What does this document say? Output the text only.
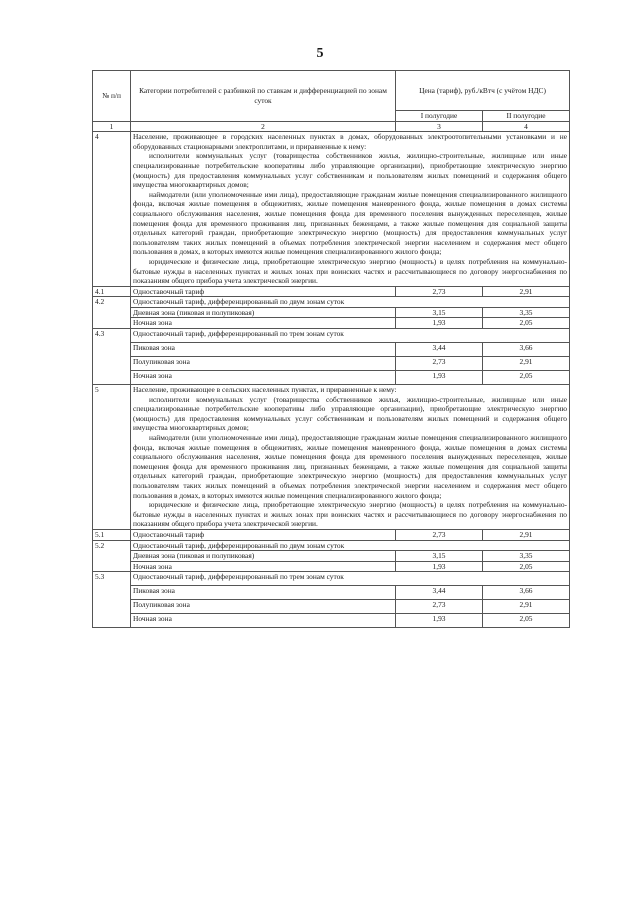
5
№ п/п	Категории потребителей с разбивкой по ставкам и дифференциацией по зонам суток	Цена (тариф), руб./кВтч (с учётом НДС)	
		I полугодие	II полугодие
1	2	3	4
4	Население, проживающее в городских населенных пунктах в домах, оборудованных электроотопительными установками и не оборудованных стационарными электроплитами, и приравненные к нему:

исполнители коммунальных услуг (товарищества собственников жилья, жилищно-строительные, жилищные или иные специализированные потребительские кооперативы либо управляющие организации), приобретающие электрическую энергию (мощность) для предоставления коммунальных услуг собственникам и пользователям жилых помещений и содержания общего имущества многоквартирных домов;

наймодатели (или уполномоченные ими лица), предоставляющие гражданам жилые помещения специализированного жилищного фонда, включая жилые помещения в общежитиях, жилые помещения маневренного фонда, жилые помещения в домах системы социального обслуживания населения, жилые помещения фонда для временного поселения вынужденных переселенцев, жилые помещения фонда для временного проживания лиц, признанных беженцами, а также жилые помещения для социальной защиты отдельных категорий граждан, приобретающие электрическую энергию (мощность) для предоставления коммунальных услуг пользователям таких жилых помещений в объемах потребления электрической энергии населением и содержания мест общего пользования в домах, в которых имеются жилые помещения специализированного жилого фонда;

юридические и физические лица, приобретающие электрическую энергию (мощность) в целях потребления на коммунально-бытовые нужды в населенных пунктах и жилых зонах при воинских частях и рассчитывающиеся по договору энергоснабжения по показаниям общего прибора учета электрической энергии.		

4.1	Одноставочный тариф	2,73	2,91
4.2	Одноставочный тариф, дифференцированный по двум зонам суток		
	Дневная зона (пиковая и полупиковая)	3,15	3,35
	Ночная зона	1,93	2,05
4.3	Одноставочный тариф, дифференцированный по трем зонам суток		
	Пиковая зона	3,44	3,66
	Полупиковая зона	2,73	2,91
	Ночная зона	1,93	2,05
5	Население, проживающее в сельских населенных пунктах, и приравненные к нему:

исполнители коммунальных услуг (товарищества собственников жилья, жилищно-строительные, жилищные или иные специализированные потребительские кооперативы либо управляющие организации), приобретающие электрическую энергию (мощность) для предоставления коммунальных услуг собственникам и пользователям жилых помещений и содержания общего имущества многоквартирных домов;

наймодатели (или уполномоченные ими лица), предоставляющие гражданам жилые помещения специализированного жилищного фонда, включая жилые помещения в общежитиях, жилые помещения маневренного фонда, жилые помещения в домах системы социального обслуживания населения, жилые помещения фонда для временного поселения вынужденных переселенцев, жилые помещения фонда для временного проживания лиц, признанных беженцами, а также жилые помещения для социальной защиты отдельных категорий граждан, приобретающие электрическую энергию (мощность) для предоставления коммунальных услуг пользователям таких жилых помещений в объемах потребления электрической энергии населением и содержания мест общего пользования в домах, в которых имеются жилые помещения специализированного жилого фонда;

юридические и физические лица, приобретающие электрическую энергию (мощность) в целях потребления на коммунально-бытовые нужды в населенных пунктах и жилых зонах при воинских частях и рассчитывающиеся по договору энергоснабжения по показаниям общего прибора учета электрической энергии.		

5.1	Одноставочный тариф	2,73	2,91
5.2	Одноставочный тариф, дифференцированный по двум зонам суток		
	Дневная зона (пиковая и полупиковая)	3,15	3,35
	Ночная зона	1,93	2,05
5.3	Одноставочный тариф, дифференцированный по трем зонам суток		
	Пиковая зона	3,44	3,66
	Полупиковая зона	2,73	2,91
	Ночная зона	1,93	2,05
